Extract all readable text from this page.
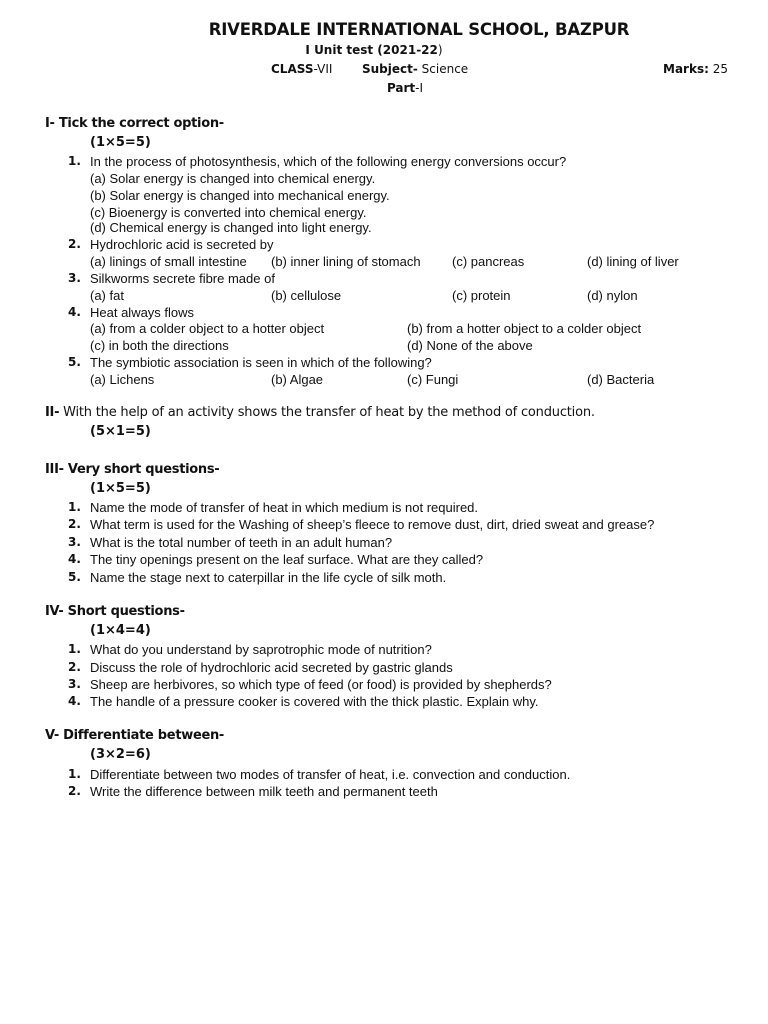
RIVERDALE INTERNATIONAL SCHOOL, BAZPUR
I Unit test (2021-22)
CLASS-VII Subject- Science	Marks: 25
Part-I
I- Tick the correct option-
(1×5=5)
1. In the process of photosynthesis, which of the following energy conversions occur?
(a) Solar energy is changed into chemical energy.
(b) Solar energy is changed into mechanical energy.
(c) Bioenergy is converted into chemical energy.
(d) Chemical energy is changed into light energy.
2. Hydrochloric acid is secreted by
(a) linings of small intestine (b) inner lining of stomach (c) pancreas	(d) lining of liver
3. Silkworms secrete fibre made of
(a) fat	(b) cellulose	(c) protein	(d) nylon
4. Heat always flows
(a) from a colder object to a hotter object	(b) from a hotter object to a colder object
(c) in both the directions	(d) None of the above
5. The symbiotic association is seen in which of the following?
(a) Lichens	(b) Algae	(c) Fungi	(d) Bacteria
II- With the help of an activity shows the transfer of heat by the method of conduction.
(5×1=5)
III- Very short questions-
(1×5=5)
1. Name the mode of transfer of heat in which medium is not required.
2. What term is used for the Washing of sheep’s fleece to remove dust, dirt, dried sweat and grease?
3. What is the total number of teeth in an adult human?
4. The tiny openings present on the leaf surface. What are they called?
5. Name the stage next to caterpillar in the life cycle of silk moth.
IV- Short questions-
(1×4=4)
1. What do you understand by saprotrophic mode of nutrition?
2. Discuss the role of hydrochloric acid secreted by gastric glands
3. Sheep are herbivores, so which type of feed (or food) is provided by shepherds?
4. The handle of a pressure cooker is covered with the thick plastic. Explain why.
V- Differentiate between-
(3×2=6)
1. Differentiate between two modes of transfer of heat, i.e. convection and conduction.
2. Write the difference between milk teeth and permanent teeth
